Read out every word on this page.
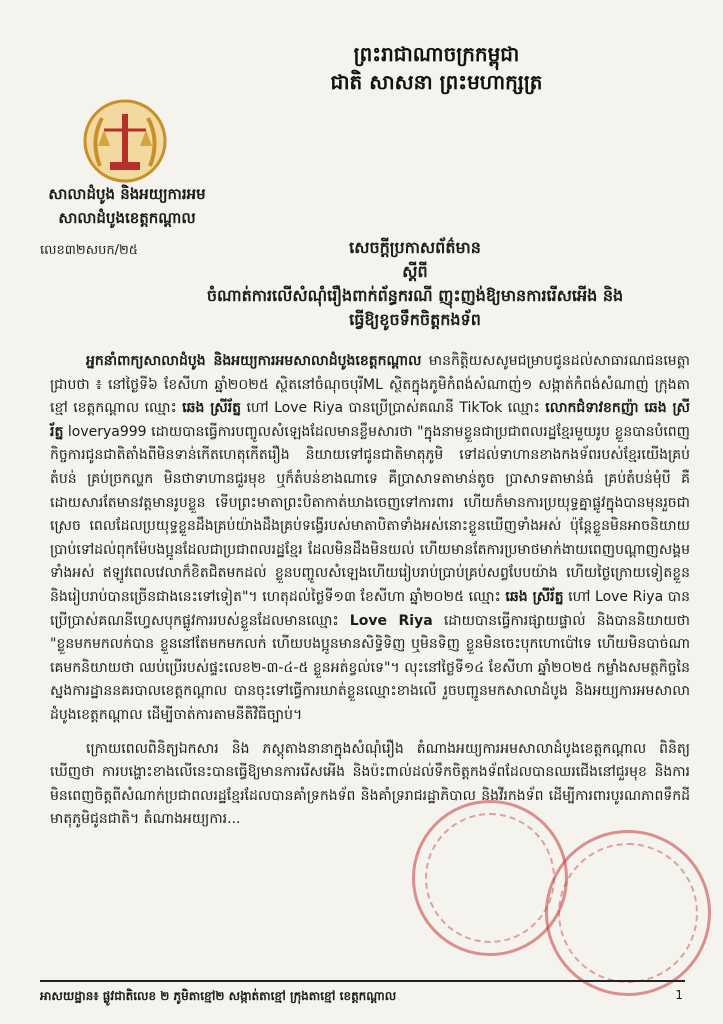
ព្រះរាជាណាចក្រកម្ពុជា
ជាតិ សាសនា ព្រះមហាក្សត្រ
សាលាដំបូង និងអយ្យការអម
សាលាដំបូងខេត្តកណ្តាល
លេខ៣២សបក/២៥	សេចក្តីប្រកាសព័ត៌មាន
ស្តីពី
ចំណាត់ការលើសំណុំរឿងពាក់ព័ន្ធករណី ញុះញង់ឱ្យមានការរើសអើង និង
ធ្វើឱ្យខូចទឹកចិត្តកងទ័ព

អ្នកនាំពាក្យសាលាដំបូង និងអយ្យការអមសាលាដំបូងខេត្តកណ្តាល មានកិត្តិយសសូមជម្រាបជូនដល់សាធារណជនមេត្តាជ្រាបថា ៖ នៅថ្ងៃទី៦ ខែសីហា ឆ្នាំ២០២៥ ស្ថិតនៅចំណុចបុរីML ស្ថិតក្នុងភូមិកំពង់សំណាញ់១ សង្កាត់កំពង់សំណាញ់ ក្រុងតាខ្មៅ ខេត្តកណ្តាល ឈ្មោះ ឆេង ស្រីរ័ត្ន ហៅ Love Riya បានប្រើប្រាស់គណនី TikTok ឈ្មោះ លោកជំទាវខកញ៉ា ឆេង ស្រីរ័ត្ន loverya999 ដោយបានធ្វើការបញ្ចូលសំឡេងដែលមានខ្លឹមសារថា "ក្នុងនាមខ្លួនជាប្រជាពលរដ្ឋខ្មែរមួយរូប ខ្លួនបានបំពេញកិច្ចការជូនជាតិតាំងពីមិនទាន់កើតហេតុកើតរឿង និយាយទៅជូនជាតិមាតុភូមិ ទៅដល់ទាហានខាងកងទ័ពរបស់ខ្មែរយើងគ្រប់តំបន់ គ្រប់ច្រកល្ហក មិនថាទាហានជួរមុខ ឬក៏តំបន់ខាងណាទេ គឺប្រាសាទតាមាន់តូច ប្រាសាទតាមាន់ធំ គ្រប់តំបន់មុំបី គឺដោយសារតែមានវត្តមានរូបខ្លួន ទើបព្រះមាតាព្រះបិតាកាត់ឃាងចេញទៅការពារ ហើយក៏មានការប្រយុទ្ធគ្នាផ្លូវក្នុងបានមុនរួចជាស្រេច ពេលដែលប្រយុទ្ធខ្លួនដឹងគ្រប់យ៉ាងដឹងគ្រប់ទង្វើរបស់មាតាបិតាទាំងអស់នោះខ្លួនឃើញទាំងអស់ ប៉ុន្តែខ្លួនមិនអាចនិយាយប្រាប់ទៅដល់ពុកម៉ែបងប្អូនដែលជាប្រជាពលរដ្ឋខ្មែរ ដែលមិនដឹងមិនយល់ ហើយមានតែការប្រមាថមាក់ងាយពេញបណ្តាញសង្គមទាំងអស់ ឥឡូវពេលវេលាក៏ខិតជិតមកដល់ ខ្លួនបញ្ចូលសំឡេងហើយរៀបរាប់ប្រាប់គ្រប់សព្វបែបយ៉ាង ហើយថ្ងៃក្រោយទៀតខ្លួន និងរៀបរាប់បានច្រើនជាងនេះទៅទៀត"។ ហេតុដល់ថ្ងៃទី១៣ ខែសីហា ឆ្នាំ២០២៥ ឈ្មោះ ឆេង ស្រីរ័ត្ន ហៅ Love Riya បានប្រើប្រាស់គណនីហ្វេសបុកផ្លូវការរបស់ខ្លួនដែលមានឈ្មោះ Love Riya ដោយបានធ្វើការផ្សាយផ្ទាល់ និងបាននិយាយថា "ខ្លួនមកមកលក់បាន ខ្លួននៅតែមកមកលក់ ហើយបងប្អូនមានសិទ្ធិទិញ ឬមិនទិញ ខ្លួនមិនចេះបុកហោប៉ៅទេ ហើយមិនបាច់ណាគេមកនិយាយថា ឈប់ប្រើរបស់ផ្ទះលេខ២-៣-៤-៥ ខ្លួនអត់ខ្វល់ទេ"។ លុះនៅថ្ងៃទី១៤ ខែសីហា ឆ្នាំ២០២៥ កម្លាំងសមត្ថកិច្ចនៃស្នងការដ្ឋាននគរបាលខេត្តកណ្តាល បានចុះទៅធ្វើការឃាត់ខ្លួនឈ្មោះខាងលើ រួចបញ្ជូនមកសាលាដំបូង និងអយ្យការអមសាលាដំបូងខេត្តកណ្តាល ដើម្បីចាត់ការតាមនីតិវិធីច្បាប់។

ក្រោយពេលពិនិត្យឯកសារ និង ភស្តុតាងនានាក្នុងសំណុំរឿង តំណាងអយ្យការអមសាលាដំបូងខេត្តកណ្តាល ពិនិត្យឃើញថា ការបង្ហោះខាងលើនេះបានធ្វើឱ្យមានការរើសអើង និងប៉ះពាល់ដល់ទឹកចិត្តកងទ័ពដែលបានឈរជើងនៅជួរមុខ និងការមិនពេញចិត្តពីសំណាក់ប្រជាពលរដ្ឋខ្មែរដែលបានគាំទ្រកងទ័ព និងគាំទ្ររាជរដ្ឋាភិបាល និងវីរកងទ័ព ដើម្បីការពារបូរណភាពទឹកដីមាតុភូមិជូនជាតិ។ តំណាងអយ្យការ...

អាសយដ្ឋាន៖ ផ្លូវជាតិលេខ ២ ភូមិតាខ្មៅ២ សង្កាត់តាខ្មៅ ក្រុងតាខ្មៅ ខេត្តកណ្តាល	1
